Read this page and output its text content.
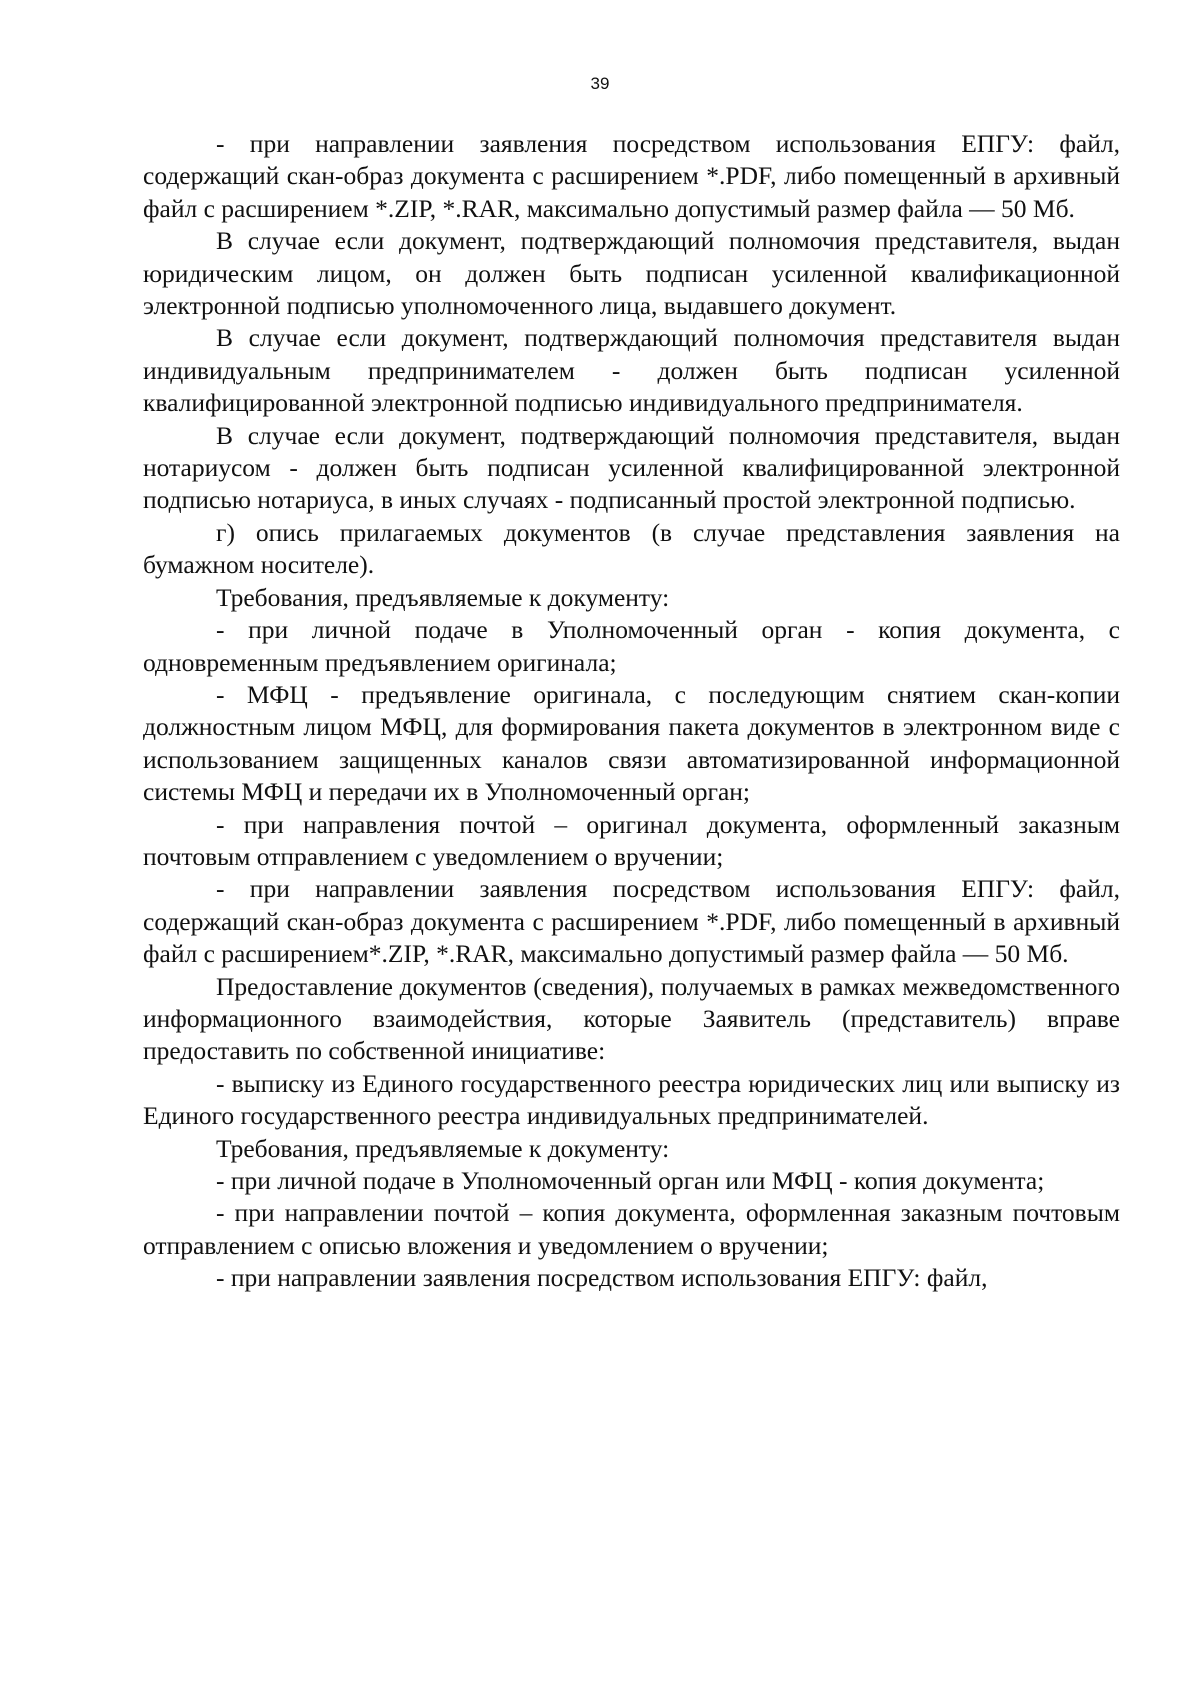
39

- при направлении заявления посредством использования ЕПГУ: файл, содержащий скан-образ документа с расширением *.PDF, либо помещенный в архивный файл с расширением *.ZIP, *.RAR, максимально допустимый размер файла — 50 Мб.

В случае если документ, подтверждающий полномочия представителя, выдан юридическим лицом, он должен быть подписан усиленной квалификационной электронной подписью уполномоченного лица, выдавшего документ.

В случае если документ, подтверждающий полномочия представителя выдан индивидуальным предпринимателем - должен быть подписан усиленной квалифицированной электронной подписью индивидуального предпринимателя.

В случае если документ, подтверждающий полномочия представителя, выдан нотариусом - должен быть подписан усиленной квалифицированной электронной подписью нотариуса, в иных случаях - подписанный простой электронной подписью.

г) опись прилагаемых документов (в случае представления заявления на бумажном носителе).

Требования, предъявляемые к документу:

- при личной подаче в Уполномоченный орган - копия документа, с одновременным предъявлением оригинала;

- МФЦ - предъявление оригинала, с последующим снятием скан-копии должностным лицом МФЦ, для формирования пакета документов в электронном виде с использованием защищенных каналов связи автоматизированной информационной системы МФЦ и передачи их в Уполномоченный орган;

- при направления почтой – оригинал документа, оформленный заказным почтовым отправлением с уведомлением о вручении;

- при направлении заявления посредством использования ЕПГУ: файл, содержащий скан-образ документа с расширением *.PDF, либо помещенный в архивный файл с расширением*.ZIP, *.RAR, максимально допустимый размер файла — 50 Мб.

Предоставление документов (сведения), получаемых в рамках межведомственного информационного взаимодействия, которые Заявитель (представитель) вправе предоставить по собственной инициативе:

- выписку из Единого государственного реестра юридических лиц или выписку из Единого государственного реестра индивидуальных предпринимателей.

Требования, предъявляемые к документу:

- при личной подаче в Уполномоченный орган или МФЦ - копия документа;

- при направлении почтой – копия документа, оформленная заказным почтовым отправлением с описью вложения и уведомлением о вручении;

- при направлении заявления посредством использования ЕПГУ: файл,
